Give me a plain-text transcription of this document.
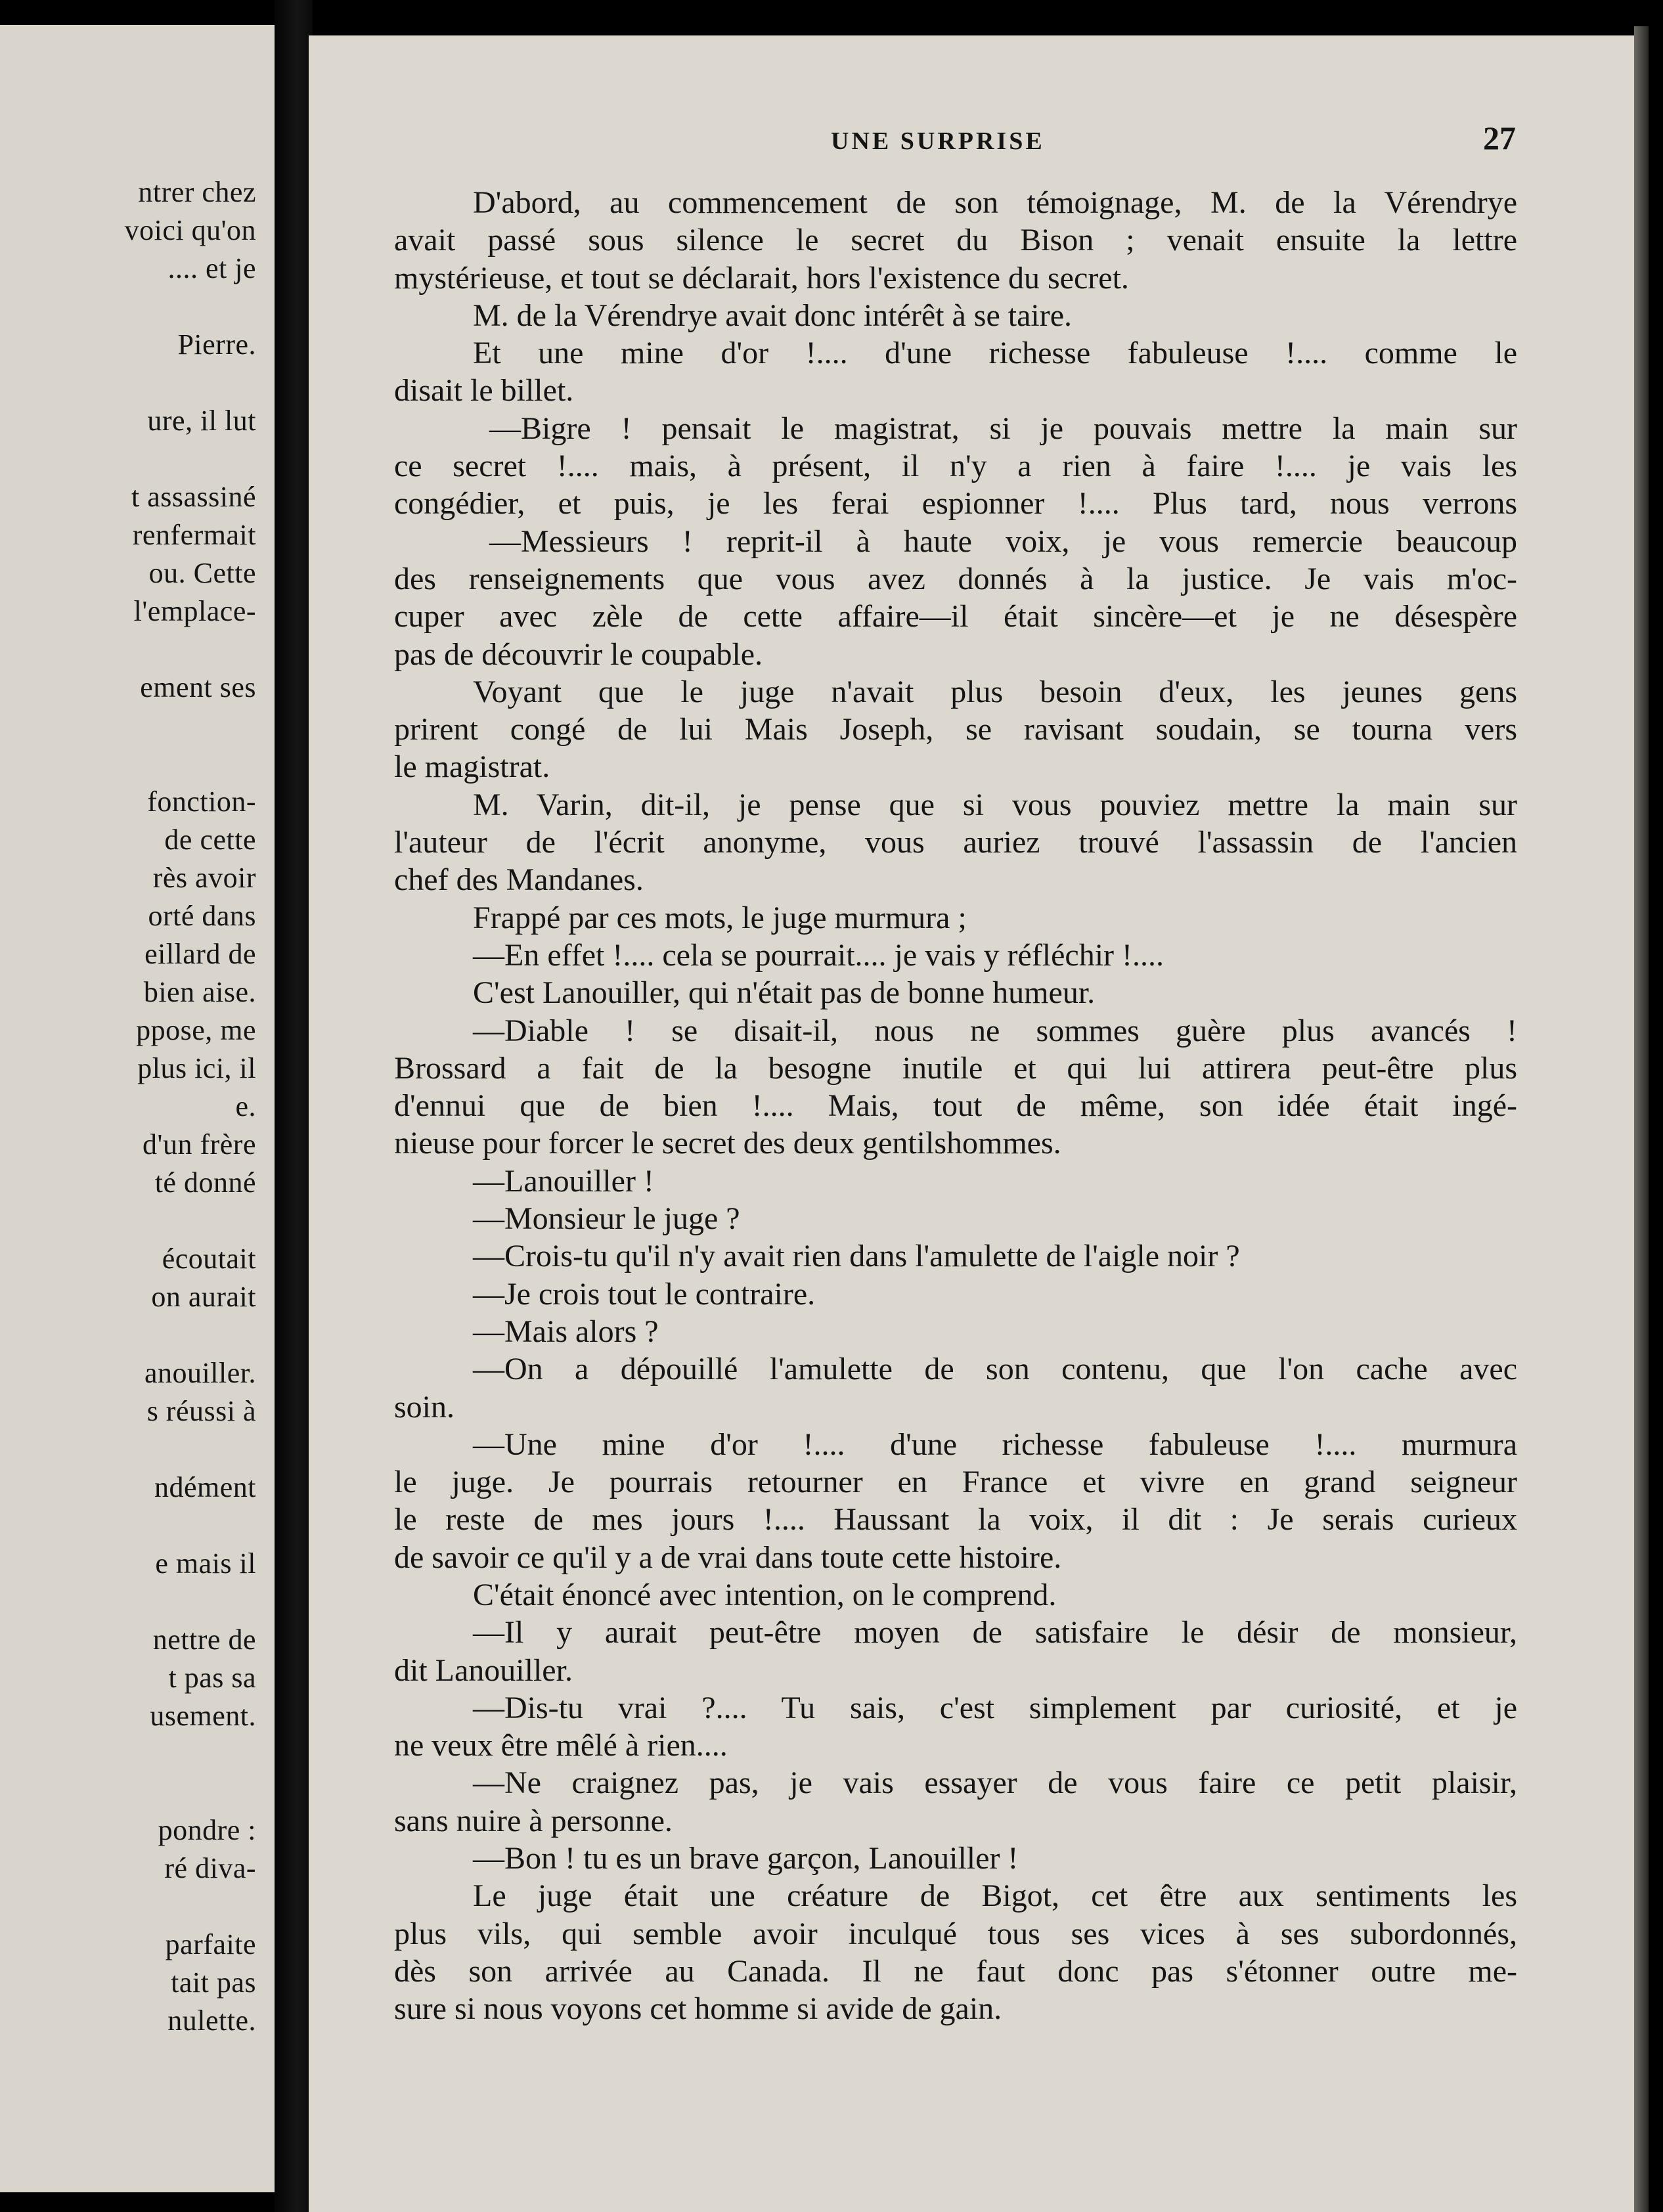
ntrer chez
voici qu'on
.... et je
Pierre.
ure, il lut
t assassiné
renfermait
ou. Cette
l'emplace-
ement ses
fonction-
de cette
rès avoir
orté dans
eillard de
bien aise.
ppose, me
plus ici, il
e.
d'un frère
té donné
écoutait
on aurait
anouiller.
s réussi à
ndément
e mais il
nettre de
t pas sa
usement.
pondre :
ré diva-
parfaite
tait pas
nulette.
UNE SURPRISE	27
D'abord, au commencement de son témoignage, M. de la Vérendrye
avait passé sous silence le secret du Bison ; venait ensuite la lettre
mystérieuse, et tout se déclarait, hors l'existence du secret.
M. de la Vérendrye avait donc intérêt à se taire.
Et une mine d'or !.... d'une richesse fabuleuse !.... comme le
disait le billet.
—Bigre ! pensait le magistrat, si je pouvais mettre la main sur
ce secret !.... mais, à présent, il n'y a rien à faire !.... je vais les
congédier, et puis, je les ferai espionner !.... Plus tard, nous verrons
—Messieurs ! reprit-il à haute voix, je vous remercie beaucoup
des renseignements que vous avez donnés à la justice. Je vais m'oc-
cuper avec zèle de cette affaire—il était sincère—et je ne désespère
pas de découvrir le coupable.
Voyant que le juge n'avait plus besoin d'eux, les jeunes gens
prirent congé de lui Mais Joseph, se ravisant soudain, se tourna vers
le magistrat.
M. Varin, dit-il, je pense que si vous pouviez mettre la main sur
l'auteur de l'écrit anonyme, vous auriez trouvé l'assassin de l'ancien
chef des Mandanes.
Frappé par ces mots, le juge murmura ;
—En effet !.... cela se pourrait.... je vais y réfléchir !....
C'est Lanouiller, qui n'était pas de bonne humeur.
—Diable ! se disait-il, nous ne sommes guère plus avancés !
Brossard a fait de la besogne inutile et qui lui attirera peut-être plus
d'ennui que de bien !.... Mais, tout de même, son idée était ingé-
nieuse pour forcer le secret des deux gentilshommes.
—Lanouiller !
—Monsieur le juge ?
—Crois-tu qu'il n'y avait rien dans l'amulette de l'aigle noir ?
—Je crois tout le contraire.
—Mais alors ?
—On a dépouillé l'amulette de son contenu, que l'on cache avec
soin.
—Une mine d'or !.... d'une richesse fabuleuse !.... murmura
le juge. Je pourrais retourner en France et vivre en grand seigneur
le reste de mes jours !.... Haussant la voix, il dit : Je serais curieux
de savoir ce qu'il y a de vrai dans toute cette histoire.
C'était énoncé avec intention, on le comprend.
—Il y aurait peut-être moyen de satisfaire le désir de monsieur,
dit Lanouiller.
—Dis-tu vrai ?.... Tu sais, c'est simplement par curiosité, et je
ne veux être mêlé à rien....
—Ne craignez pas, je vais essayer de vous faire ce petit plaisir,
sans nuire à personne.
—Bon ! tu es un brave garçon, Lanouiller !
Le juge était une créature de Bigot, cet être aux sentiments les
plus vils, qui semble avoir inculqué tous ses vices à ses subordonnés,
dès son arrivée au Canada. Il ne faut donc pas s'étonner outre me-
sure si nous voyons cet homme si avide de gain.
